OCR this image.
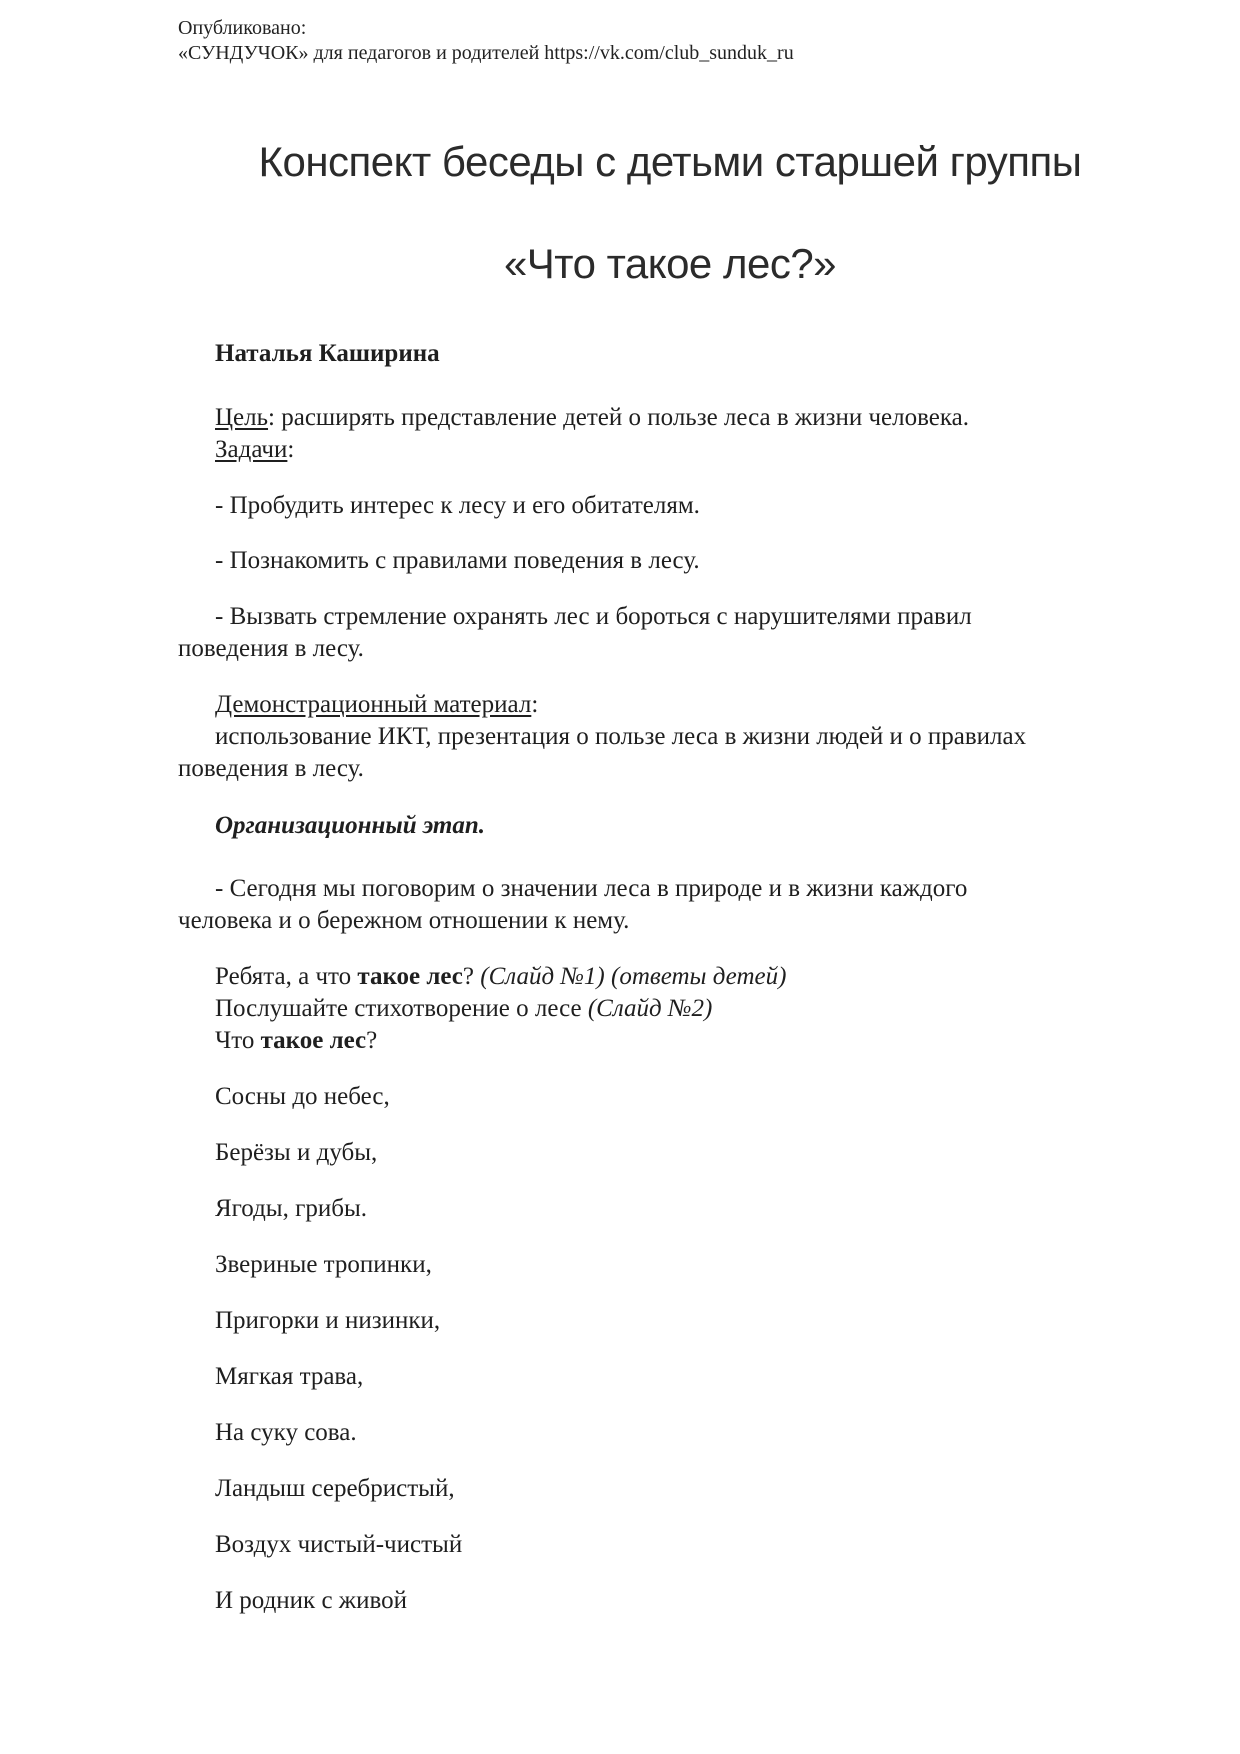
Опубликовано:
«СУНДУЧОК» для педагогов и родителей https://vk.com/club_sunduk_ru
Конспект беседы с детьми старшей группы
«Что такое лес?»
Наталья Каширина
Цель: расширять представление детей о пользе леса в жизни человека.
Задачи:
- Пробудить интерес к лесу и его обитателям.
- Познакомить с правилами поведения в лесу.
- Вызвать стремление охранять лес и бороться с нарушителями правил
поведения в лесу.
Демонстрационный материал:
использование ИКТ, презентация о пользе леса в жизни людей и о правилах
поведения в лесу.
Организационный этап.
- Сегодня мы поговорим о значении леса в природе и в жизни каждого
человека и о бережном отношении к нему.
Ребята, а что такое лес? (Слайд №1) (ответы детей)
Послушайте стихотворение о лесе (Слайд №2)
Что такое лес?
Сосны до небес,
Берёзы и дубы,
Ягоды, грибы.
Звериные тропинки,
Пригорки и низинки,
Мягкая трава,
На суку сова.
Ландыш серебристый,
Воздух чистый-чистый
И родник с живой
